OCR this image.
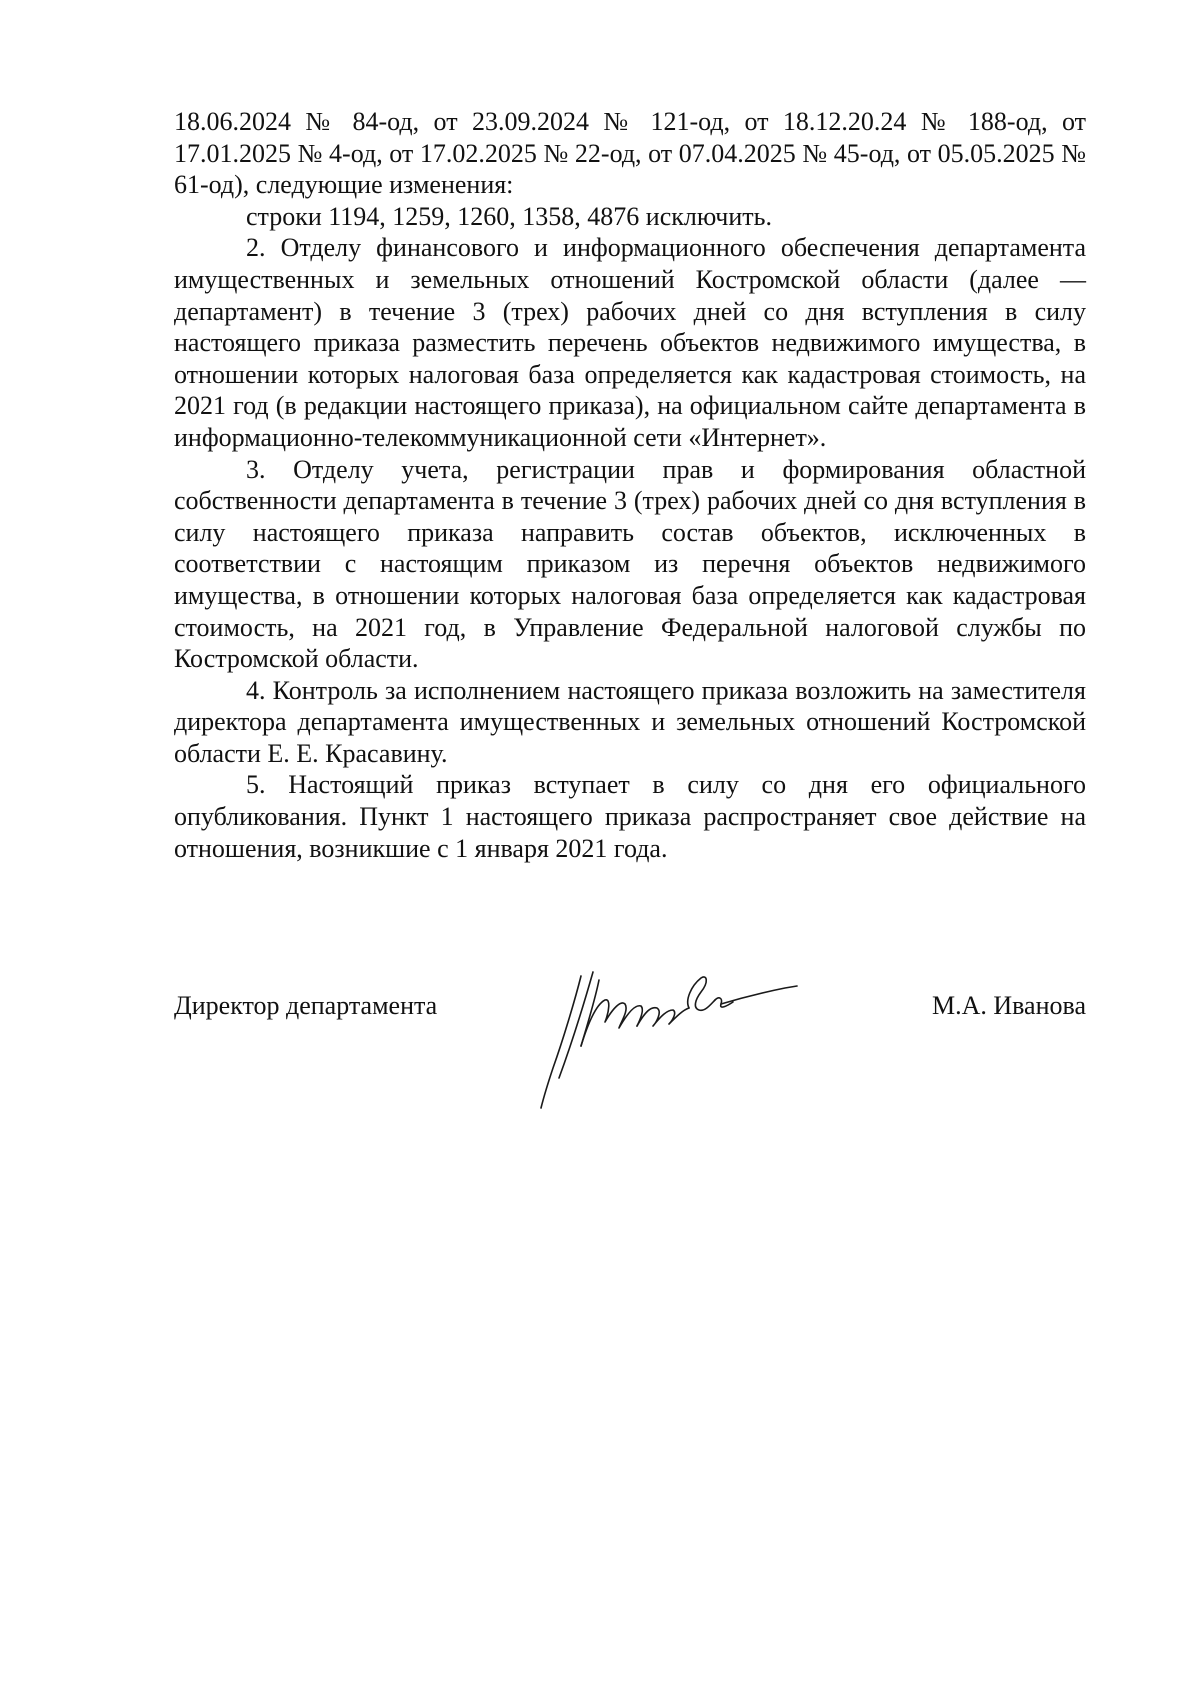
18.06.2024 № 84-од, от 23.09.2024 № 121-од, от 18.12.20.24 № 188-од, от 17.01.2025 № 4-од, от 17.02.2025 № 22-од, от 07.04.2025 № 45-од, от 05.05.2025 № 61-од), следующие изменения:

строки 1194, 1259, 1260, 1358, 4876 исключить.

2. Отделу финансового и информационного обеспечения департамента имущественных и земельных отношений Костромской области (далее — департамент) в течение 3 (трех) рабочих дней со дня вступления в силу настоящего приказа разместить перечень объектов недвижимого имущества, в отношении которых налоговая база определяется как кадастровая стоимость, на 2021 год (в редакции настоящего приказа), на официальном сайте департамента в информационно-телекоммуникационной сети «Интернет».

3. Отделу учета, регистрации прав и формирования областной собственности департамента в течение 3 (трех) рабочих дней со дня вступления в силу настоящего приказа направить состав объектов, исключенных в соответствии с настоящим приказом из перечня объектов недвижимого имущества, в отношении которых налоговая база определяется как кадастровая стоимость, на 2021 год, в Управление Федеральной налоговой службы по Костромской области.

4. Контроль за исполнением настоящего приказа возложить на заместителя директора департамента имущественных и земельных отношений Костромской области Е. Е. Красавину.

5. Настоящий приказ вступает в силу со дня его официального опубликования. Пункт 1 настоящего приказа распространяет свое действие на отношения, возникшие с 1 января 2021 года.

Директор департамента	М.А. Иванова
